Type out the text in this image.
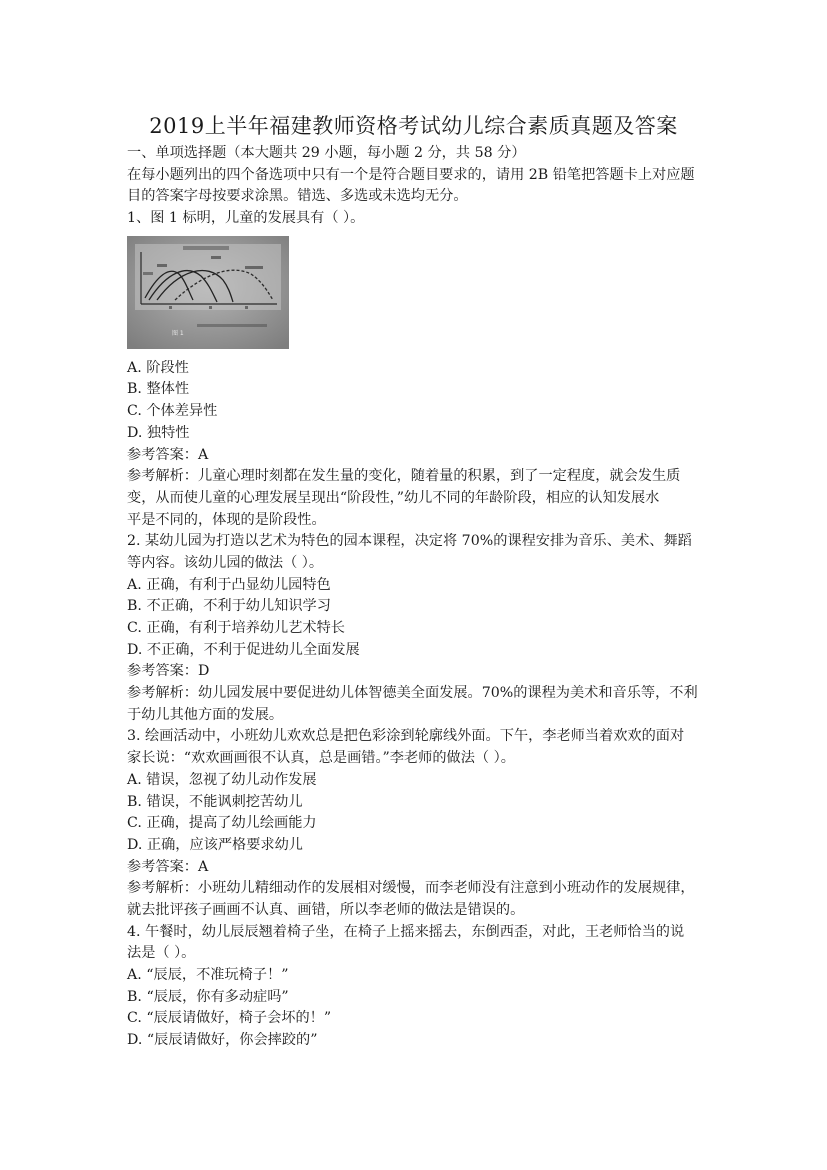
2019上半年福建教师资格考试幼儿综合素质真题及答案
一、单项选择题（本大题共 29 小题，每小题 2 分，共 58 分）
在每小题列出的四个备选项中只有一个是符合题目要求的，请用 2B 铅笔把答题卡上对应题
目的答案字母按要求涂黑。错选、多选或未选均无分。
1、图 1 标明，儿童的发展具有（ ）。
图 1
A. 阶段性
B. 整体性
C. 个体差异性
D. 独特性
参考答案：A
参考解析：儿童心理时刻都在发生量的变化，随着量的积累，到了一定程度，就会发生质
变，从而使儿童的心理发展呈现出“阶段性，”幼儿不同的年龄阶段，相应的认知发展水
平是不同的，体现的是阶段性。
2. 某幼儿园为打造以艺术为特色的园本课程，决定将 70%的课程安排为音乐、美术、舞蹈
等内容。该幼儿园的做法（ ）。
A. 正确，有利于凸显幼儿园特色
B. 不正确，不利于幼儿知识学习
C. 正确，有利于培养幼儿艺术特长
D. 不正确，不利于促进幼儿全面发展
参考答案：D
参考解析：幼儿园发展中要促进幼儿体智德美全面发展。70%的课程为美术和音乐等，不利
于幼儿其他方面的发展。
3. 绘画活动中，小班幼儿欢欢总是把色彩涂到轮廓线外面。下午，李老师当着欢欢的面对
家长说：“欢欢画画很不认真，总是画错。”李老师的做法（ ）。
A. 错误，忽视了幼儿动作发展
B. 错误，不能讽刺挖苦幼儿
C. 正确，提高了幼儿绘画能力
D. 正确，应该严格要求幼儿
参考答案：A
参考解析：小班幼儿精细动作的发展相对缓慢，而李老师没有注意到小班动作的发展规律，
就去批评孩子画画不认真、画错，所以李老师的做法是错误的。
4. 午餐时，幼儿辰辰翘着椅子坐，在椅子上摇来摇去，东倒西歪，对此，王老师恰当的说
法是（ ）。
A. “辰辰，不准玩椅子！”
B. “辰辰，你有多动症吗”
C. “辰辰请做好，椅子会坏的！”
D. “辰辰请做好，你会摔跤的”
